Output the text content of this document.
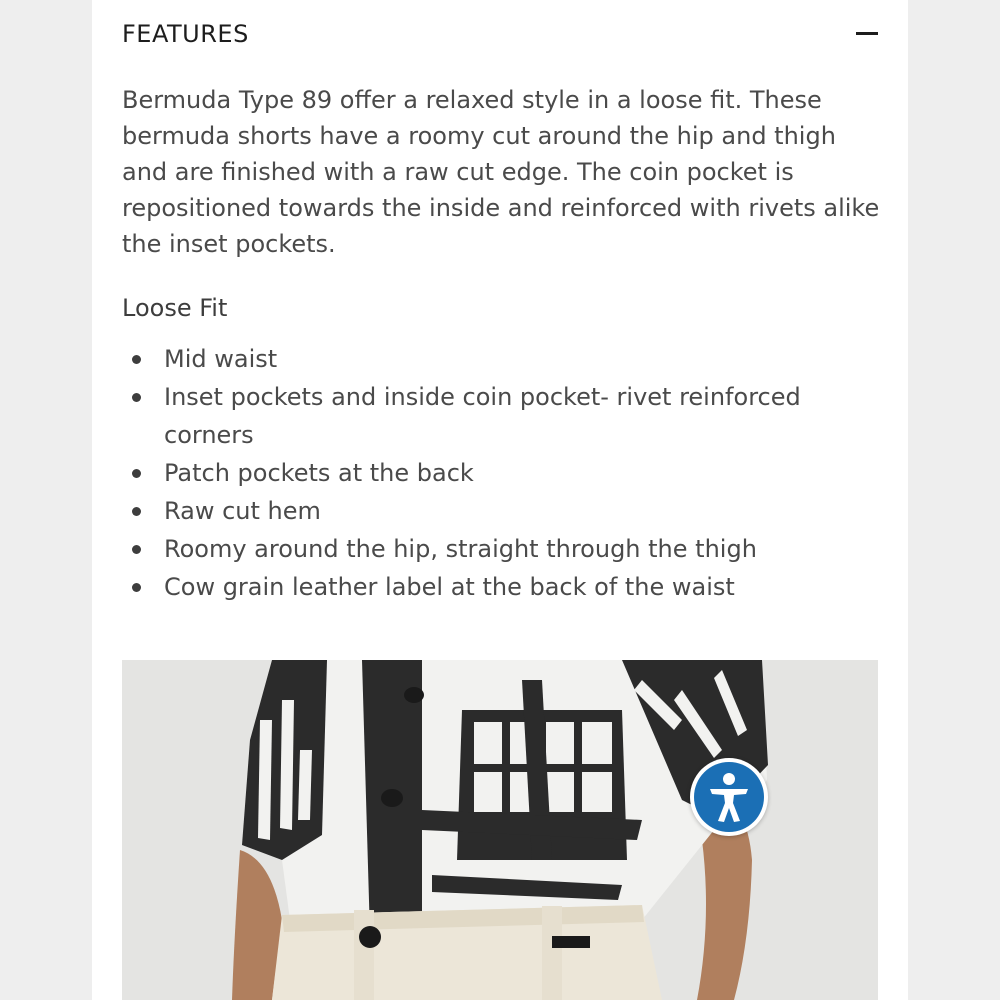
FEATURES

Bermuda Type 89 offer a relaxed style in a loose fit. These bermuda shorts have a roomy cut around the hip and thigh and are finished with a raw cut edge. The coin pocket is repositioned towards the inside and reinforced with rivets alike the inset pockets.

Loose Fit
Mid waist
Inset pockets and inside coin pocket- rivet reinforced corners
Patch pockets at the back
Raw cut hem
Roomy around the hip, straight through the thigh
Cow grain leather label at the back of the waist
